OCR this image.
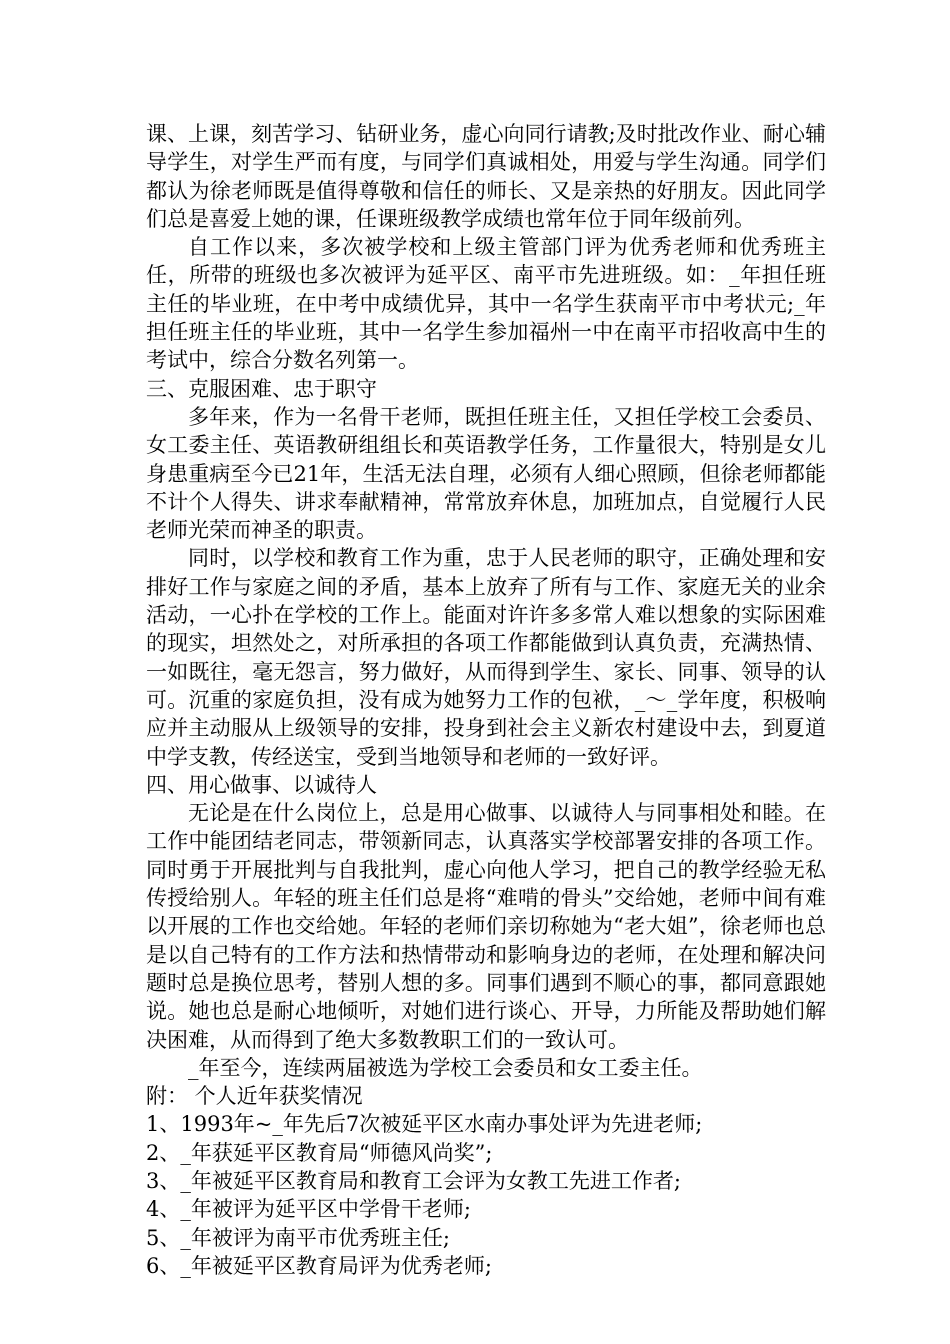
课、上课，刻苦学习、钻研业务，虚心向同行请教;及时批改作业、耐心辅导学生，对学生严而有度，与同学们真诚相处，用爱与学生沟通。同学们都认为徐老师既是值得尊敬和信任的师长、又是亲热的好朋友。因此同学们总是喜爱上她的课，任课班级教学成绩也常年位于同年级前列。

自工作以来，多次被学校和上级主管部门评为优秀老师和优秀班主任，所带的班级也多次被评为延平区、南平市先进班级。如：_年担任班主任的毕业班，在中考中成绩优异，其中一名学生获南平市中考状元;_年担任班主任的毕业班，其中一名学生参加福州一中在南平市招收高中生的考试中，综合分数名列第一。

三、克服困难、忠于职守

多年来，作为一名骨干老师，既担任班主任，又担任学校工会委员、女工委主任、英语教研组组长和英语教学任务，工作量很大，特别是女儿身患重病至今已21年，生活无法自理，必须有人细心照顾，但徐老师都能不计个人得失、讲求奉献精神，常常放弃休息，加班加点，自觉履行人民老师光荣而神圣的职责。

同时，以学校和教育工作为重，忠于人民老师的职守，正确处理和安排好工作与家庭之间的矛盾，基本上放弃了所有与工作、家庭无关的业余活动，一心扑在学校的工作上。能面对许许多多常人难以想象的实际困难的现实，坦然处之，对所承担的各项工作都能做到认真负责，充满热情、一如既往，毫无怨言，努力做好，从而得到学生、家长、同事、领导的认可。沉重的家庭负担，没有成为她努力工作的包袱，_～_学年度，积极响应并主动服从上级领导的安排，投身到社会主义新农村建设中去，到夏道中学支教，传经送宝，受到当地领导和老师的一致好评。

四、用心做事、以诚待人

无论是在什么岗位上，总是用心做事、以诚待人与同事相处和睦。在工作中能团结老同志，带领新同志，认真落实学校部署安排的各项工作。同时勇于开展批判与自我批判，虚心向他人学习，把自己的教学经验无私传授给别人。年轻的班主任们总是将“难啃的骨头”交给她，老师中间有难以开展的工作也交给她。年轻的老师们亲切称她为“老大姐”，徐老师也总是以自己特有的工作方法和热情带动和影响身边的老师，在处理和解决问题时总是换位思考，替别人想的多。同事们遇到不顺心的事，都同意跟她说。她也总是耐心地倾听，对她们进行谈心、开导，力所能及帮助她们解决困难，从而得到了绝大多数教职工们的一致认可。

_年至今，连续两届被选为学校工会委员和女工委主任。

附： 个人近年获奖情况

1、1993年~_年先后7次被延平区水南办事处评为先进老师;

2、_年获延平区教育局“师德风尚奖”;

3、_年被延平区教育局和教育工会评为女教工先进工作者;

4、_年被评为延平区中学骨干老师;

5、_年被评为南平市优秀班主任;

6、_年被延平区教育局评为优秀老师;
